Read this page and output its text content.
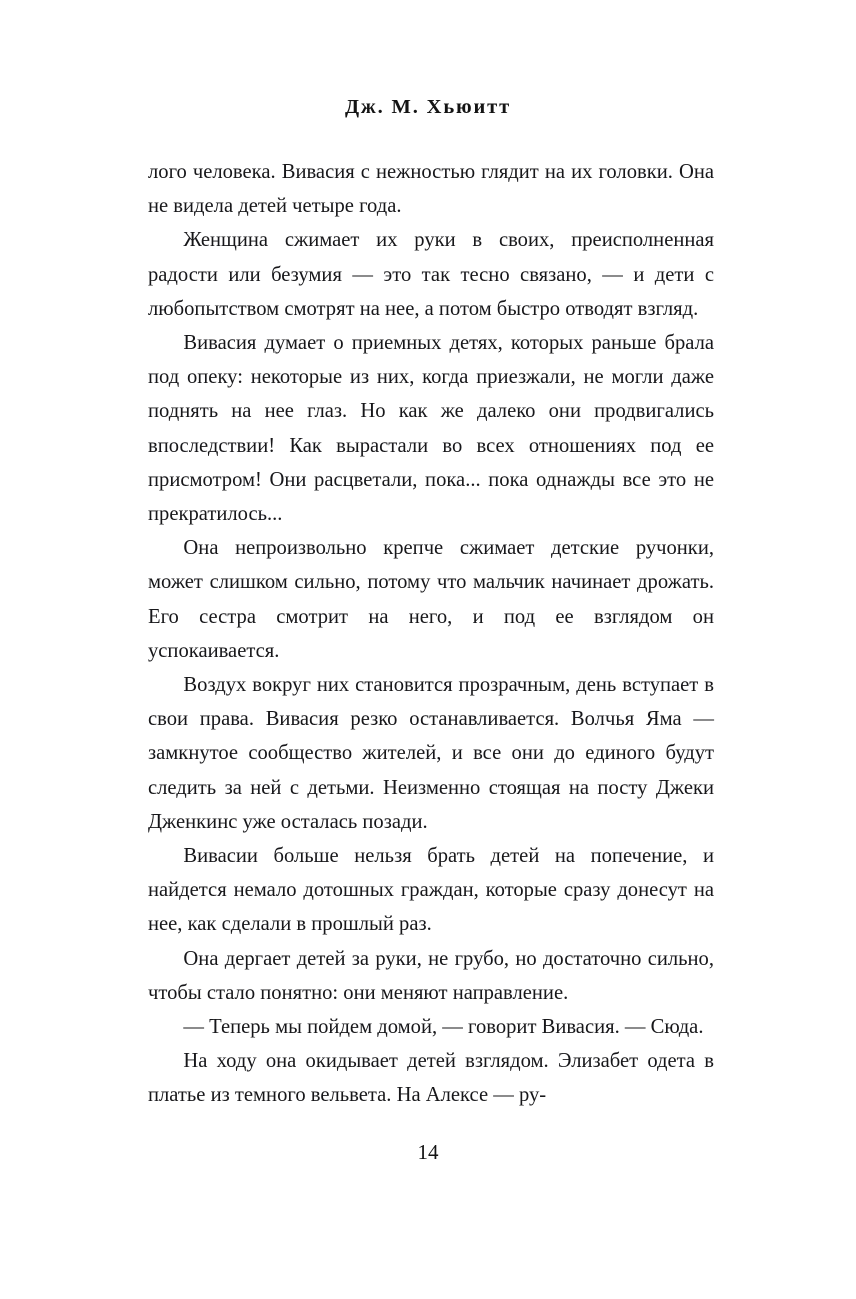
Дж. М. Хьюитт

лого человека. Вивасия с нежностью глядит на их головки. Она не видела детей четыре года.

Женщина сжимает их руки в своих, преисполненная радости или безумия — это так тесно связано, — и дети с любопытством смотрят на нее, а потом быстро отводят взгляд.

Вивасия думает о приемных детях, которых раньше брала под опеку: некоторые из них, когда приезжали, не могли даже поднять на нее глаз. Но как же далеко они продвигались впоследствии! Как вырастали во всех отношениях под ее присмотром! Они расцветали, пока... пока однажды все это не прекратилось...

Она непроизвольно крепче сжимает детские ручонки, может слишком сильно, потому что мальчик начинает дрожать. Его сестра смотрит на него, и под ее взглядом он успокаивается.

Воздух вокруг них становится прозрачным, день вступает в свои права. Вивасия резко останавливается. Волчья Яма — замкнутое сообщество жителей, и все они до единого будут следить за ней с детьми. Неизменно стоящая на посту Джеки Дженкинс уже осталась позади.

Вивасии больше нельзя брать детей на попечение, и найдется немало дотошных граждан, которые сразу донесут на нее, как сделали в прошлый раз.

Она дергает детей за руки, не грубо, но достаточно сильно, чтобы стало понятно: они меняют направление.

— Теперь мы пойдем домой, — говорит Вивасия. — Сюда.

На ходу она окидывает детей взглядом. Элизабет одета в платье из темного вельвета. На Алексе — ру-

14
